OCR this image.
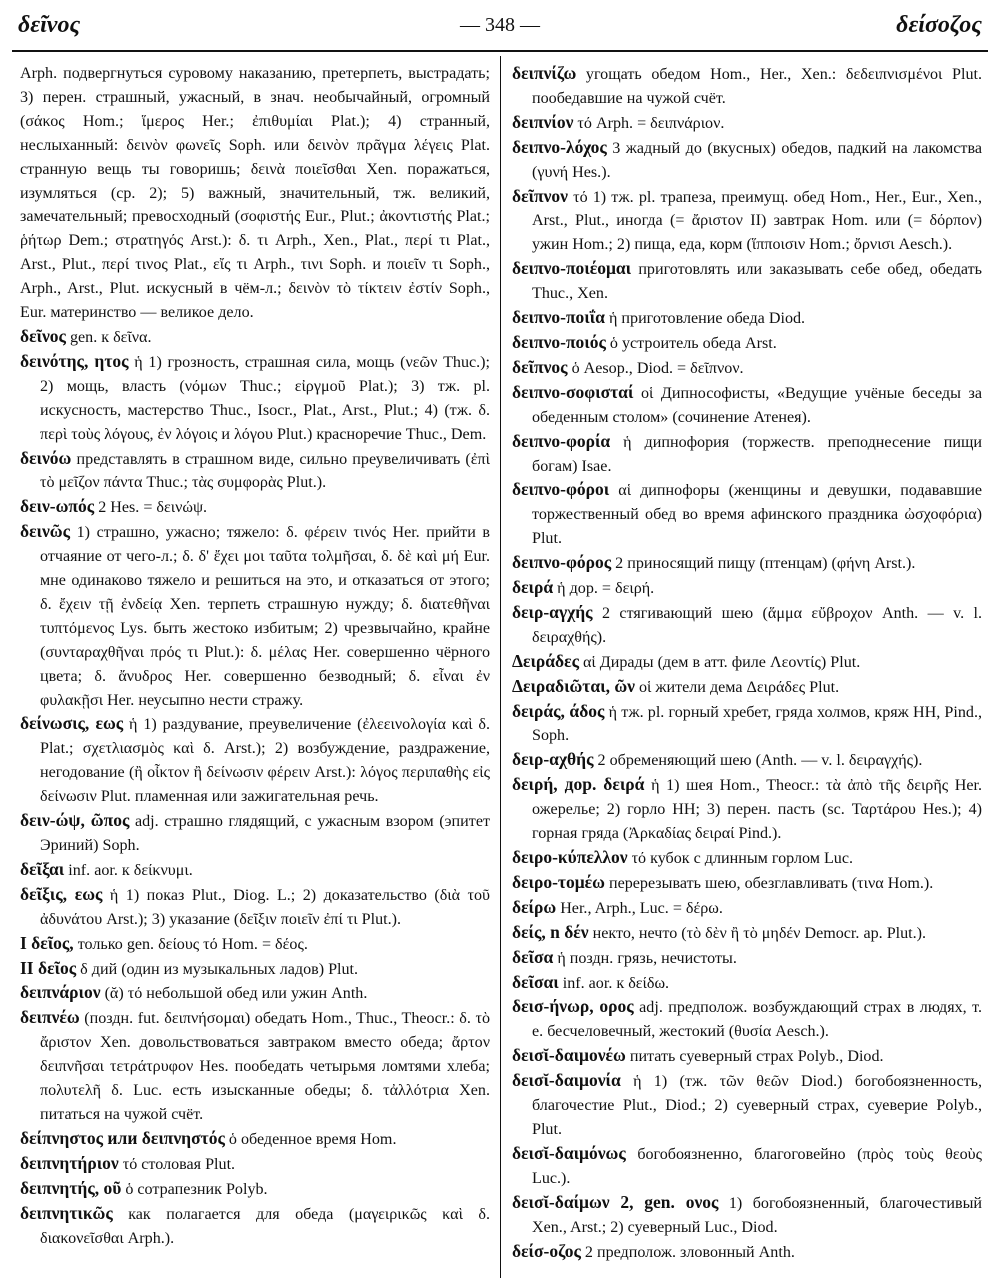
δεῖνος	— 348 —	δείσοζος

Arph. подвергнуться суровому наказанию, претерпеть, выстрадать; 3) перен. страшный, ужасный, в знач. необычайный, огромный (σάκος Hom.; ἵμερος Her.; ἐπιθυμίαι Plat.); 4) странный, неслыханный: δεινὸν φωνεῖς Soph. или δεινὸν πρᾶγμα λέγεις Plat. странную вещь ты говоришь; δεινὰ ποιεῖσθαι Xen. поражаться, изумляться (ср. 2); 5) важный, значительный, тж. великий, замечательный; превосходный (σοφιστής Eur., Plut.; ἀκοντιστής Plat.; ῥήτωρ Dem.; στρατηγός Arst.): δ. τι Arph., Xen., Plat., περί τι Plat., Arst., Plut., περί τινος Plat., εἴς τι Arph., τινι Soph. и ποιεῖν τι Soph., Arph., Arst., Plut. искусный в чём-л.; δεινὸν τὸ τίκτειν ἐστίν Soph., Eur. материнство — великое дело.

δεῖνος gen. к δεῖνα.

δεινότης, ητος ἡ 1) грозность, страшная сила, мощь (νεῶν Thuc.); 2) мощь, власть (νόμων Thuc.; εἰργμοῦ Plat.); 3) тж. pl. искусность, мастерство Thuc., Isocr., Plat., Arst., Plut.; 4) (тж. δ. περὶ τοὺς λόγους, ἐν λόγοις и λόγου Plut.) красноречие Thuc., Dem.

δεινόω представлять в страшном виде, сильно преувеличивать (ἐπὶ τὸ μεῖζον πάντα Thuc.; τὰς συμφορὰς Plut.).

δειν-ωπός 2 Hes. = δεινώψ.

δεινῶς 1) страшно, ужасно; тяжело: δ. φέρειν τινός Her. прийти в отчаяние от чего-л.; δ. δ' ἔχει μοι ταῦτα τολμῆσαι, δ. δὲ καὶ μή Eur. мне одинаково тяжело и решиться на это, и отказаться от этого; δ. ἔχειν τῇ ἐνδείᾳ Xen. терпеть страшную нужду; δ. διατεθῆναι τυπτόμενος Lys. быть жестоко избитым; 2) чрезвычайно, крайне (συνταραχθῆναι πρός τι Plut.): δ. μέλας Her. совершенно чёрного цвета; δ. ἄνυδρος Her. совершенно безводный; δ. εἶναι ἐν φυλακῇσι Her. неусыпно нести стражу.

δείνωσις, εως ἡ 1) раздувание, преувеличение (ἐλεεινολογία καὶ δ. Plat.; σχετλιασμὸς καὶ δ. Arst.); 2) возбуждение, раздражение, негодование (ἢ οἶκτον ἢ δείνωσιν φέρειν Arst.): λόγος περιπαθὴς εἰς δείνωσιν Plut. пламенная или зажигательная речь.

δειν-ώψ, ῶπος adj. страшно глядящий, с ужасным взором (эпитет Эриний) Soph.

δεῖξαι inf. aor. к δείκνυμι.

δεῖξις, εως ἡ 1) показ Plut., Diog. L.; 2) доказательство (διὰ τοῦ ἀδυνάτου Arst.); 3) указание (δεῖξιν ποιεῖν ἐπί τι Plut.).

I δεῖος, только gen. δείους τό Hom. = δέος.

II δεῖος δ дий (один из музыкальных ладов) Plut.

δειπνάριον (ᾰ) τό небольшой обед или ужин Anth.

δειπνέω (поздн. fut. δειπνήσομαι) обедать Hom., Thuc., Theocr.: δ. τὸ ἄριστον Xen. довольствоваться завтраком вместо обеда; ἄρτον δειπνῆσαι τετράτρυφον Hes. пообедать четырьмя ломтями хлеба; πολυτελῆ δ. Luc. есть изысканные обеды; δ. τἀλλότρια Xen. питаться на чужой счёт.

δείπνηστος или δειπνηστός ὁ обеденное время Hom.

δειπνητήριον τό столовая Plut.

δειπνητής, οῦ ὁ сотрапезник Polyb.

δειπνητικῶς как полагается для обеда (μαγειρικῶς καὶ δ. διακονεῖσθαι Arph.).

δειπνίζω угощать обедом Hom., Her., Xen.: δεδειπνισμένοι Plut. пообедавшие на чужой счёт.

δειπνίον τό Arph. = δειπνάριον.

δειπνο-λόχος 3 жадный до (вкусных) обедов, падкий на лакомства (γυνή Hes.).

δεῖπνον τό 1) тж. pl. трапеза, преимущ. обед Hom., Her., Eur., Xen., Arst., Plut., иногда (= ἄριστον II) завтрак Hom. или (= δόρπον) ужин Hom.; 2) пища, еда, корм (ἵπποισιν Hom.; ὄρνισι Aesch.).

δειπνο-ποιέομαι приготовлять или заказывать себе обед, обедать Thuc., Xen.

δειπνο-ποιΐα ἡ приготовление обеда Diod.

δειπνο-ποιός ὁ устроитель обеда Arst.

δεῖπνος ὁ Aesop., Diod. = δεῖπνον.

δειπνο-σοφισταί οἱ Дипнософисты, «Ведущие учёные беседы за обеденным столом» (сочинение Атенея).

δειπνο-φορία ἡ дипнофория (торжеств. преподнесение пищи богам) Isae.

δειπνο-φόροι αἱ дипнофоры (женщины и девушки, подававшие торжественный обед во время афинского праздника ὠσχοφόρια) Plut.

δειπνο-φόρος 2 приносящий пищу (птенцам) (φήνη Arst.).

δειρά ἡ дор. = δειρή.

δειρ-αγχής 2 стягивающий шею (ἅμμα εὔβροχον Anth. — v. l. δειραχθής).

Δειράδες αἱ Дирады (дем в атт. филе Λεοντίς) Plut.

Δειραδιῶται, ῶν οἱ жители дема Δειράδες Plut.

δειράς, άδος ἡ тж. pl. горный хребет, гряда холмов, кряж HH, Pind., Soph.

δειρ-αχθής 2 обременяющий шею (Anth. — v. l. δειραγχής).

δειρή, дор. δειρά ἡ 1) шея Hom., Theocr.: τὰ ἀπὸ τῆς δειρῆς Her. ожерелье; 2) горло HH; 3) перен. пасть (sc. Ταρτάρου Hes.); 4) горная гряда (Ἀρκαδίας δειραί Pind.).

δειρο-κύπελλον τό кубок с длинным горлом Luc.

δειρο-τομέω перерезывать шею, обезглавливать (τινα Hom.).

δείρω Her., Arph., Luc. = δέρω.

δείς, n δέν некто, нечто (τὸ δὲν ἢ τὸ μηδέν Democr. ap. Plut.).

δεῖσα ἡ поздн. грязь, нечистоты.

δεῖσαι inf. aor. к δείδω.

δεισ-ήνωρ, ορος adj. предполож. возбуждающий страх в людях, т. е. бесчеловечный, жестокий (θυσία Aesch.).

δεισῐ-δαιμονέω питать суеверный страх Polyb., Diod.

δεισῐ-δαιμονία ἡ 1) (тж. τῶν θεῶν Diod.) богобоязненность, благочестие Plut., Diod.; 2) суеверный страх, суеверие Polyb., Plut.

δεισῐ-δαιμόνως богобоязненно, благоговейно (πρὸς τοὺς θεοὺς Luc.).

δεισῐ-δαίμων 2, gen. ονος 1) богобоязненный, благочестивый Xen., Arst.; 2) суеверный Luc., Diod.

δείσ-οζος 2 предполож. зловонный Anth.
